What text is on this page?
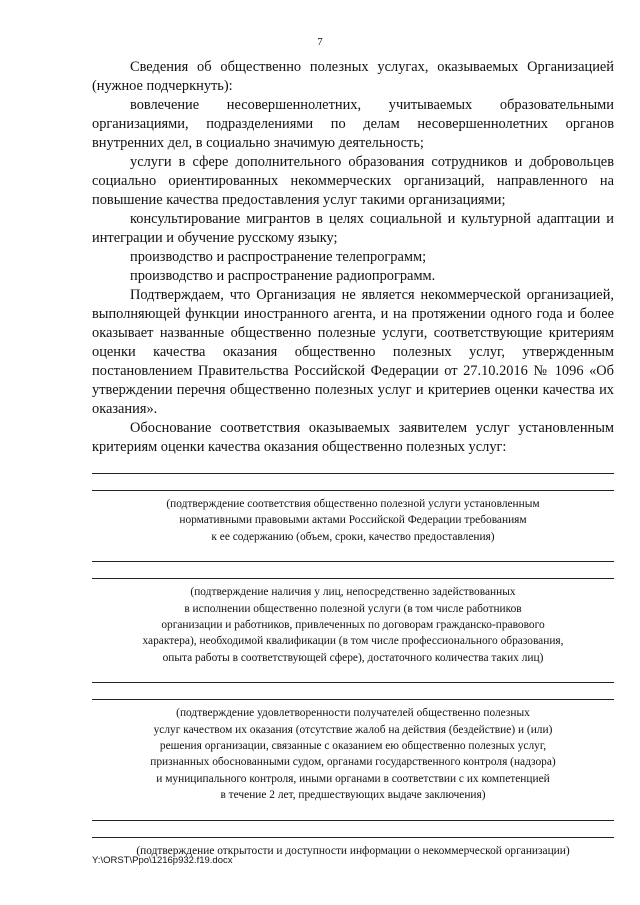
7

Сведения об общественно полезных услугах, оказываемых Организацией (нужное подчеркнуть):

вовлечение несовершеннолетних, учитываемых образовательными организациями, подразделениями по делам несовершеннолетних органов внутренних дел, в социально значимую деятельность;

услуги в сфере дополнительного образования сотрудников и добровольцев социально ориентированных некоммерческих организаций, направленного на повышение качества предоставления услуг такими организациями;

консультирование мигрантов в целях социальной и культурной адаптации и интеграции и обучение русскому языку;

производство и распространение телепрограмм;

производство и распространение радиопрограмм.

Подтверждаем, что Организация не является некоммерческой организацией, выполняющей функции иностранного агента, и на протяжении одного года и более оказывает названные общественно полезные услуги, соответствующие критериям оценки качества оказания общественно полезных услуг, утвержденным постановлением Правительства Российской Федерации от 27.10.2016 № 1096 «Об утверждении перечня общественно полезных услуг и критериев оценки качества их оказания».

Обоснование соответствия оказываемых заявителем услуг установленным критериям оценки качества оказания общественно полезных услуг:

(подтверждение соответствия общественно полезной услуги установленным
нормативными правовыми актами Российской Федерации требованиям
к ее содержанию (объем, сроки, качество предоставления)
(подтверждение наличия у лиц, непосредственно задействованных
в исполнении общественно полезной услуги (в том числе работников
организации и работников, привлеченных по договорам гражданско-правового
характера), необходимой квалификации (в том числе профессионального образования,
опыта работы в соответствующей сфере), достаточного количества таких лиц)
(подтверждение удовлетворенности получателей общественно полезных
услуг качеством их оказания (отсутствие жалоб на действия (бездействие) и (или)
решения организации, связанные с оказанием ею общественно полезных услуг,
признанных обоснованными судом, органами государственного контроля (надзора)
и муниципального контроля, иными органами в соответствии с их компетенцией
в течение 2 лет, предшествующих выдаче заключения)
(подтверждение открытости и доступности информации о некоммерческой организации)
Y:\ORST\Ppo\1216p932.f19.docx
